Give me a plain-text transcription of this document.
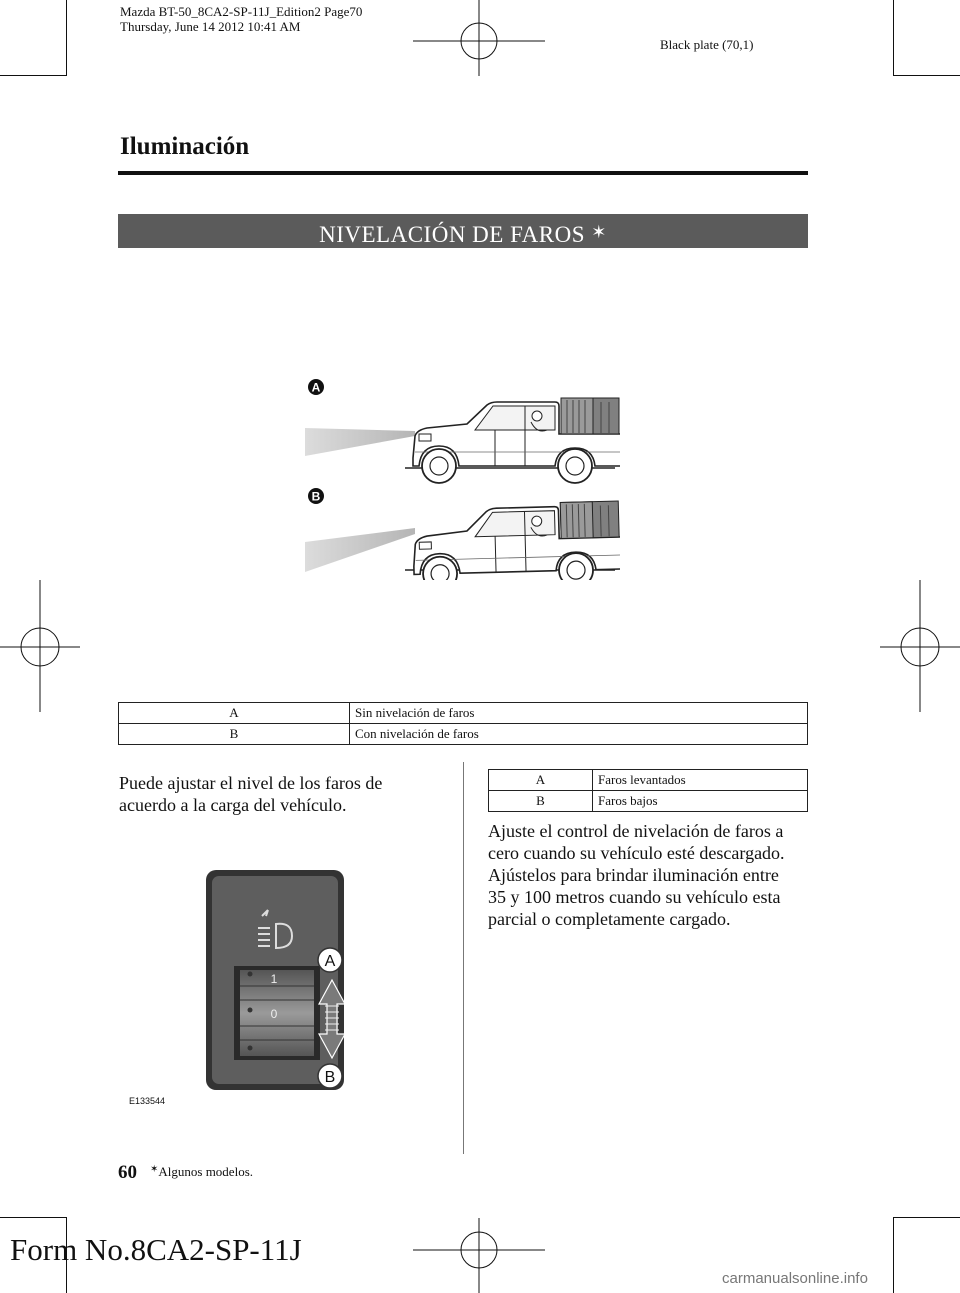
Mazda BT-50_8CA2-SP-11J_Edition2 Page70
Thursday, June 14 2012 10:41 AM
Black plate (70,1)
Iluminación
NIVELACIÓN DE FAROS ✶
A
B
A	Sin nivelación de faros
B	Con nivelación de faros
Puede ajustar el nivel de los faros de
acuerdo a la carga del vehículo.
1
0
A
B
E133544
A	Faros levantados
B	Faros bajos
Ajuste el control de nivelación de faros a
cero cuando su vehículo esté descargado.
Ajústelos para brindar iluminación entre
35 y 100 metros cuando su vehículo esta
parcial o completamente cargado.
60 ✶Algunos modelos.
Form No.8CA2-SP-11J
carmanualsonline.info
